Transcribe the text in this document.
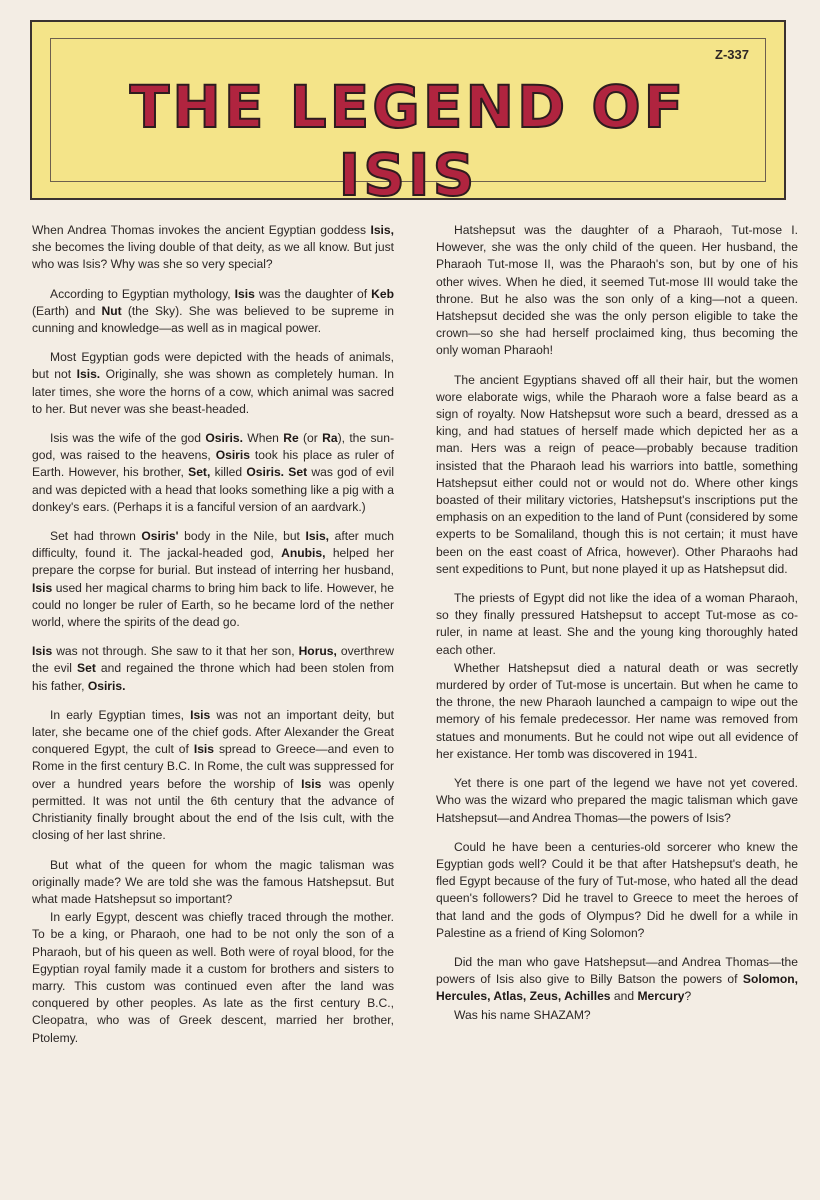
Z-337
THE LEGEND OF ISIS

When Andrea Thomas invokes the ancient Egyptian goddess Isis, she becomes the living double of that deity, as we all know. But just who was Isis? Why was she so very special?

According to Egyptian mythology, Isis was the daughter of Keb (Earth) and Nut (the Sky). She was believed to be supreme in cunning and knowledge—as well as in magical power.

Most Egyptian gods were depicted with the heads of animals, but not Isis. Originally, she was shown as completely human. In later times, she wore the horns of a cow, which animal was sacred to her. But never was she beast-headed.

Isis was the wife of the god Osiris. When Re (or Ra), the sun-god, was raised to the heavens, Osiris took his place as ruler of Earth. However, his brother, Set, killed Osiris. Set was god of evil and was depicted with a head that looks something like a pig with a donkey's ears. (Perhaps it is a fanciful version of an aardvark.)

Set had thrown Osiris' body in the Nile, but Isis, after much difficulty, found it. The jackal-headed god, Anubis, helped her prepare the corpse for burial. But instead of interring her husband, Isis used her magical charms to bring him back to life. However, he could no longer be ruler of Earth, so he became lord of the nether world, where the spirits of the dead go.

Isis was not through. She saw to it that her son, Horus, overthrew the evil Set and regained the throne which had been stolen from his father, Osiris.

In early Egyptian times, Isis was not an important deity, but later, she became one of the chief gods. After Alexander the Great conquered Egypt, the cult of Isis spread to Greece—and even to Rome in the first century B.C. In Rome, the cult was suppressed for over a hundred years before the worship of Isis was openly permitted. It was not until the 6th century that the advance of Christianity finally brought about the end of the Isis cult, with the closing of her last shrine.

But what of the queen for whom the magic talisman was originally made? We are told she was the famous Hatshepsut. But what made Hatshepsut so important?

In early Egypt, descent was chiefly traced through the mother. To be a king, or Pharaoh, one had to be not only the son of a Pharaoh, but of his queen as well. Both were of royal blood, for the Egyptian royal family made it a custom for brothers and sisters to marry. This custom was continued even after the land was conquered by other peoples. As late as the first century B.C., Cleopatra, who was of Greek descent, married her brother, Ptolemy.

Hatshepsut was the daughter of a Pharaoh, Tut-mose I. However, she was the only child of the queen. Her husband, the Pharaoh Tut-mose II, was the Pharaoh's son, but by one of his other wives. When he died, it seemed Tut-mose III would take the throne. But he also was the son only of a king—not a queen. Hatshepsut decided she was the only person eligible to take the crown—so she had herself proclaimed king, thus becoming the only woman Pharaoh!

The ancient Egyptians shaved off all their hair, but the women wore elaborate wigs, while the Pharaoh wore a false beard as a sign of royalty. Now Hatshepsut wore such a beard, dressed as a king, and had statues of herself made which depicted her as a man. Hers was a reign of peace—probably because tradition insisted that the Pharaoh lead his warriors into battle, something Hatshepsut either could not or would not do. Where other kings boasted of their military victories, Hatshepsut's inscriptions put the emphasis on an expedition to the land of Punt (considered by some experts to be Somaliland, though this is not certain; it must have been on the east coast of Africa, however). Other Pharaohs had sent expeditions to Punt, but none played it up as Hatshepsut did.

The priests of Egypt did not like the idea of a woman Pharaoh, so they finally pressured Hatshepsut to accept Tut-mose as co-ruler, in name at least. She and the young king thoroughly hated each other.

Whether Hatshepsut died a natural death or was secretly murdered by order of Tut-mose is uncertain. But when he came to the throne, the new Pharaoh launched a campaign to wipe out the memory of his female predecessor. Her name was removed from statues and monuments. But he could not wipe out all evidence of her existance. Her tomb was discovered in 1941.

Yet there is one part of the legend we have not yet covered. Who was the wizard who prepared the magic talisman which gave Hatshepsut—and Andrea Thomas—the powers of Isis?

Could he have been a centuries-old sorcerer who knew the Egyptian gods well? Could it be that after Hatshepsut's death, he fled Egypt because of the fury of Tut-mose, who hated all the dead queen's followers? Did he travel to Greece to meet the heroes of that land and the gods of Olympus? Did he dwell for a while in Palestine as a friend of King Solomon?

Did the man who gave Hatshepsut—and Andrea Thomas—the powers of Isis also give to Billy Batson the powers of Solomon, Hercules, Atlas, Zeus, Achilles and Mercury?

Was his name SHAZAM?
